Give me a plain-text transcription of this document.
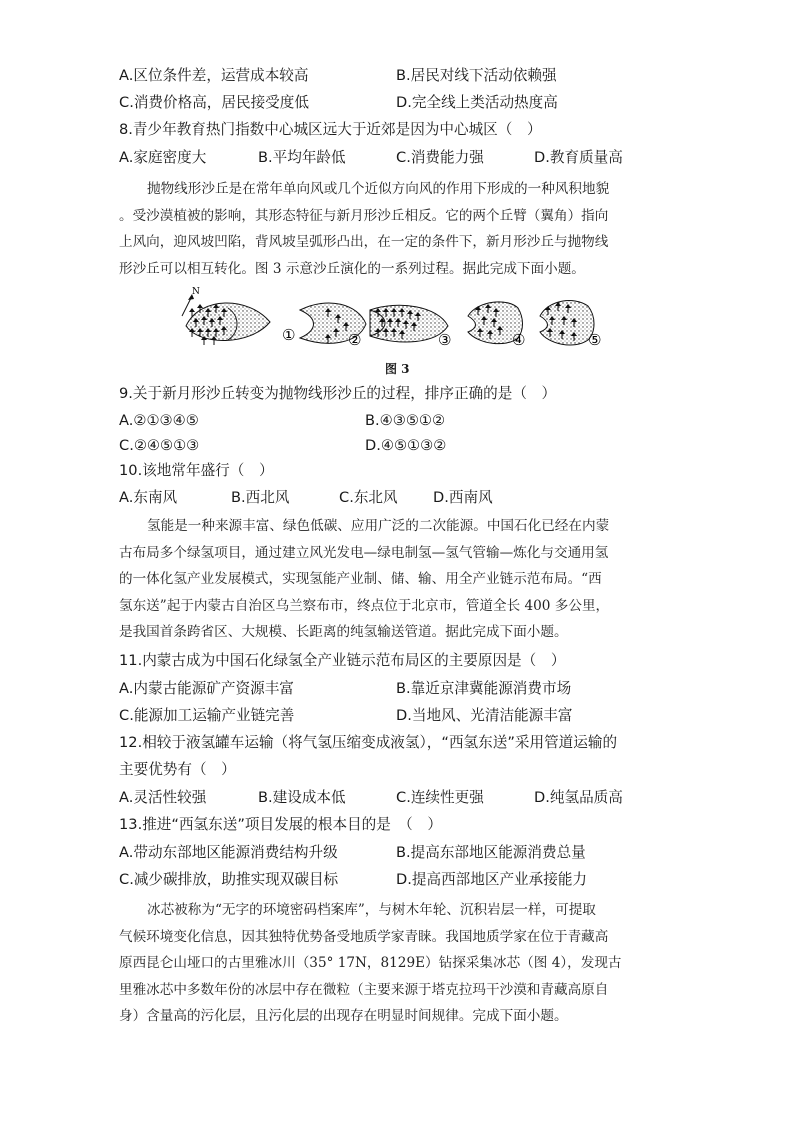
A.区位条件差，运营成本较高	B.居民对线下活动依赖强
C.消费价格高，居民接受度低	D.完全线上类活动热度高
8.青少年教育热门指数中心城区远大于近郊是因为中心城区（　）
A.家庭密度大	B.平均年龄低	C.消费能力强	D.教育质量高
抛物线形沙丘是在常年单向风或几个近似方向风的作用下形成的一种风积地貌
。受沙漠植被的影响，其形态特征与新月形沙丘相反。它的两个丘臂（翼角）指向
上风向，迎风坡凹陷，背风坡呈弧形凸出，在一定的条件下，新月形沙丘与抛物线
形沙丘可以相互转化。图 3 示意沙丘演化的一系列过程。据此完成下面小题。
N
①	②	③	④	⑤
图 3
9.关于新月形沙丘转变为抛物线形沙丘的过程，排序正确的是（　）
A.②①③④⑤	B.④③⑤①②
C.②④⑤①③	D.④⑤①③②
10.该地常年盛行（　）
A.东南风	B.西北风	C.东北风 D.西南风
氢能是一种来源丰富、绿色低碳、应用广泛的二次能源。中国石化已经在内蒙
古布局多个绿氢项目，通过建立风光发电—绿电制氢—氢气管输—炼化与交通用氢
的一体化氢产业发展模式，实现氢能产业制、储、输、用全产业链示范布局。“西
氢东送”起于内蒙古自治区乌兰察布市，终点位于北京市，管道全长 400 多公里，
是我国首条跨省区、大规模、长距离的纯氢输送管道。据此完成下面小题。
11.内蒙古成为中国石化绿氢全产业链示范布局区的主要原因是（　）
A.内蒙古能源矿产资源丰富	B.靠近京津冀能源消费市场
C.能源加工运输产业链完善	D.当地风、光清洁能源丰富
12.相较于液氢罐车运输（将气氢压缩变成液氢），“西氢东送”采用管道运输的
主要优势有（　）
A.灵活性较强	B.建设成本低	C.连续性更强	D.纯氢品质高
13.推进“西氢东送”项目发展的根本目的是　（　）
A.带动东部地区能源消费结构升级	B.提高东部地区能源消费总量
C.减少碳排放，助推实现双碳目标	D.提高西部地区产业承接能力
冰芯被称为“无字的环境密码档案库”，与树木年轮、沉积岩层一样，可提取
气候环境变化信息，因其独特优势备受地质学家青睐。我国地质学家在位于青藏高
原西昆仑山垭口的古里雅冰川（35° 17N，8129E）钻探采集冰芯（图 4），发现古
里雅冰芯中多数年份的冰层中存在微粒（主要来源于塔克拉玛干沙漠和青藏高原自
身）含量高的污化层，且污化层的出现存在明显时间规律。完成下面小题。
